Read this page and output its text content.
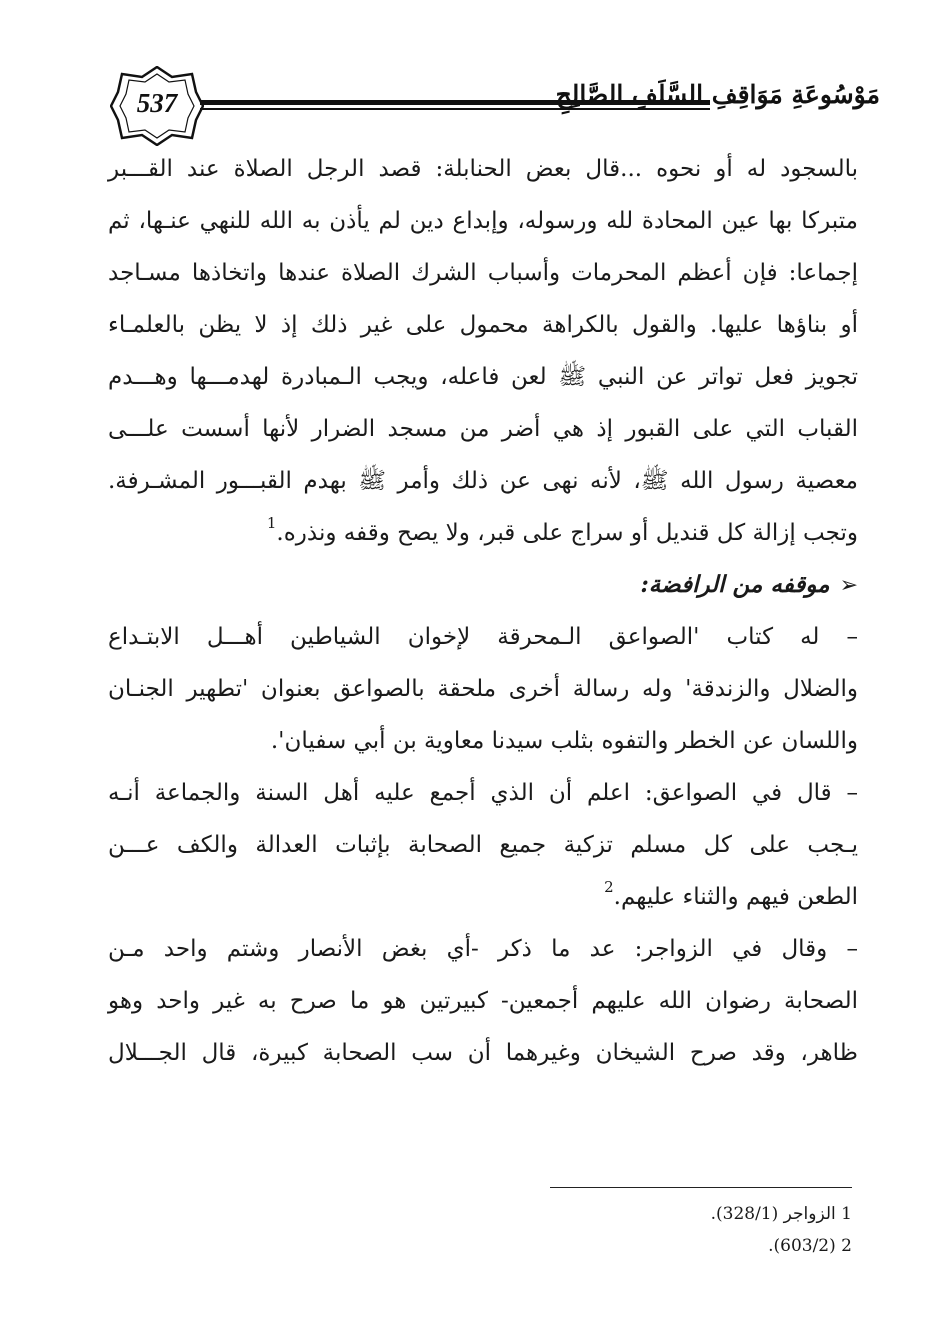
537	مَوْسُوعَةِ مَوَاقِفِ السَّلَفِ الصَّالِحِ
بالسجود له أو نحوه ...قال بعض الحنابلة: قصد الرجل الصلاة عند القـــبر
متبركا بها عين المحادة لله ورسوله، وإبداع دين لم يأذن به الله للنهي عنـها، ثم
إجماعا: فإن أعظم المحرمات وأسباب الشرك الصلاة عندها واتخاذها مسـاجد
أو بناؤها عليها. والقول بالكراهة محمول على غير ذلك إذ لا يظن بالعلمـاء
تجويز فعل تواتر عن النبي ﷺ لعن فاعله، ويجب الـمبادرة لهدمـــها وهـــدم
القباب التي على القبور إذ هي أضر من مسجد الضرار لأنها أسست علـــى
معصية رسول الله ﷺ، لأنه نهى عن ذلك وأمر ﷺ بهدم القبـــور المشـرفة.
وتجب إزالة كل قنديل أو سراج على قبر، ولا يصح وقفه ونذره.$^1$
➢موقفه من الرافضة:
– له كتاب 'الصواعق الـمحرقة لإخوان الشياطين أهـــل الابتـداع
والضلال والزندقة' وله رسالة أخرى ملحقة بالصواعق بعنوان 'تطهير الجنـان
واللسان عن الخطر والتفوه بثلب سيدنا معاوية بن أبي سفيان'.
– قال في الصواعق: اعلم أن الذي أجمع عليه أهل السنة والجماعة أنـه
يـجب على كل مسلم تزكية جميع الصحابة بإثبات العدالة والكف عـــن
الطعن فيهم والثناء عليهم.$^2$
– وقال في الزواجر: عد ما ذكر -أي بغض الأنصار وشتم واحد مـن
الصحابة رضوان الله عليهم أجمعين- كبيرتين هو ما صرح به غير واحد وهو
ظاهر، وقد صرح الشيخان وغيرهما أن سب الصحابة كبيرة، قال الجـــلال
1 الزواجر (328/1).
2 (603/2).
